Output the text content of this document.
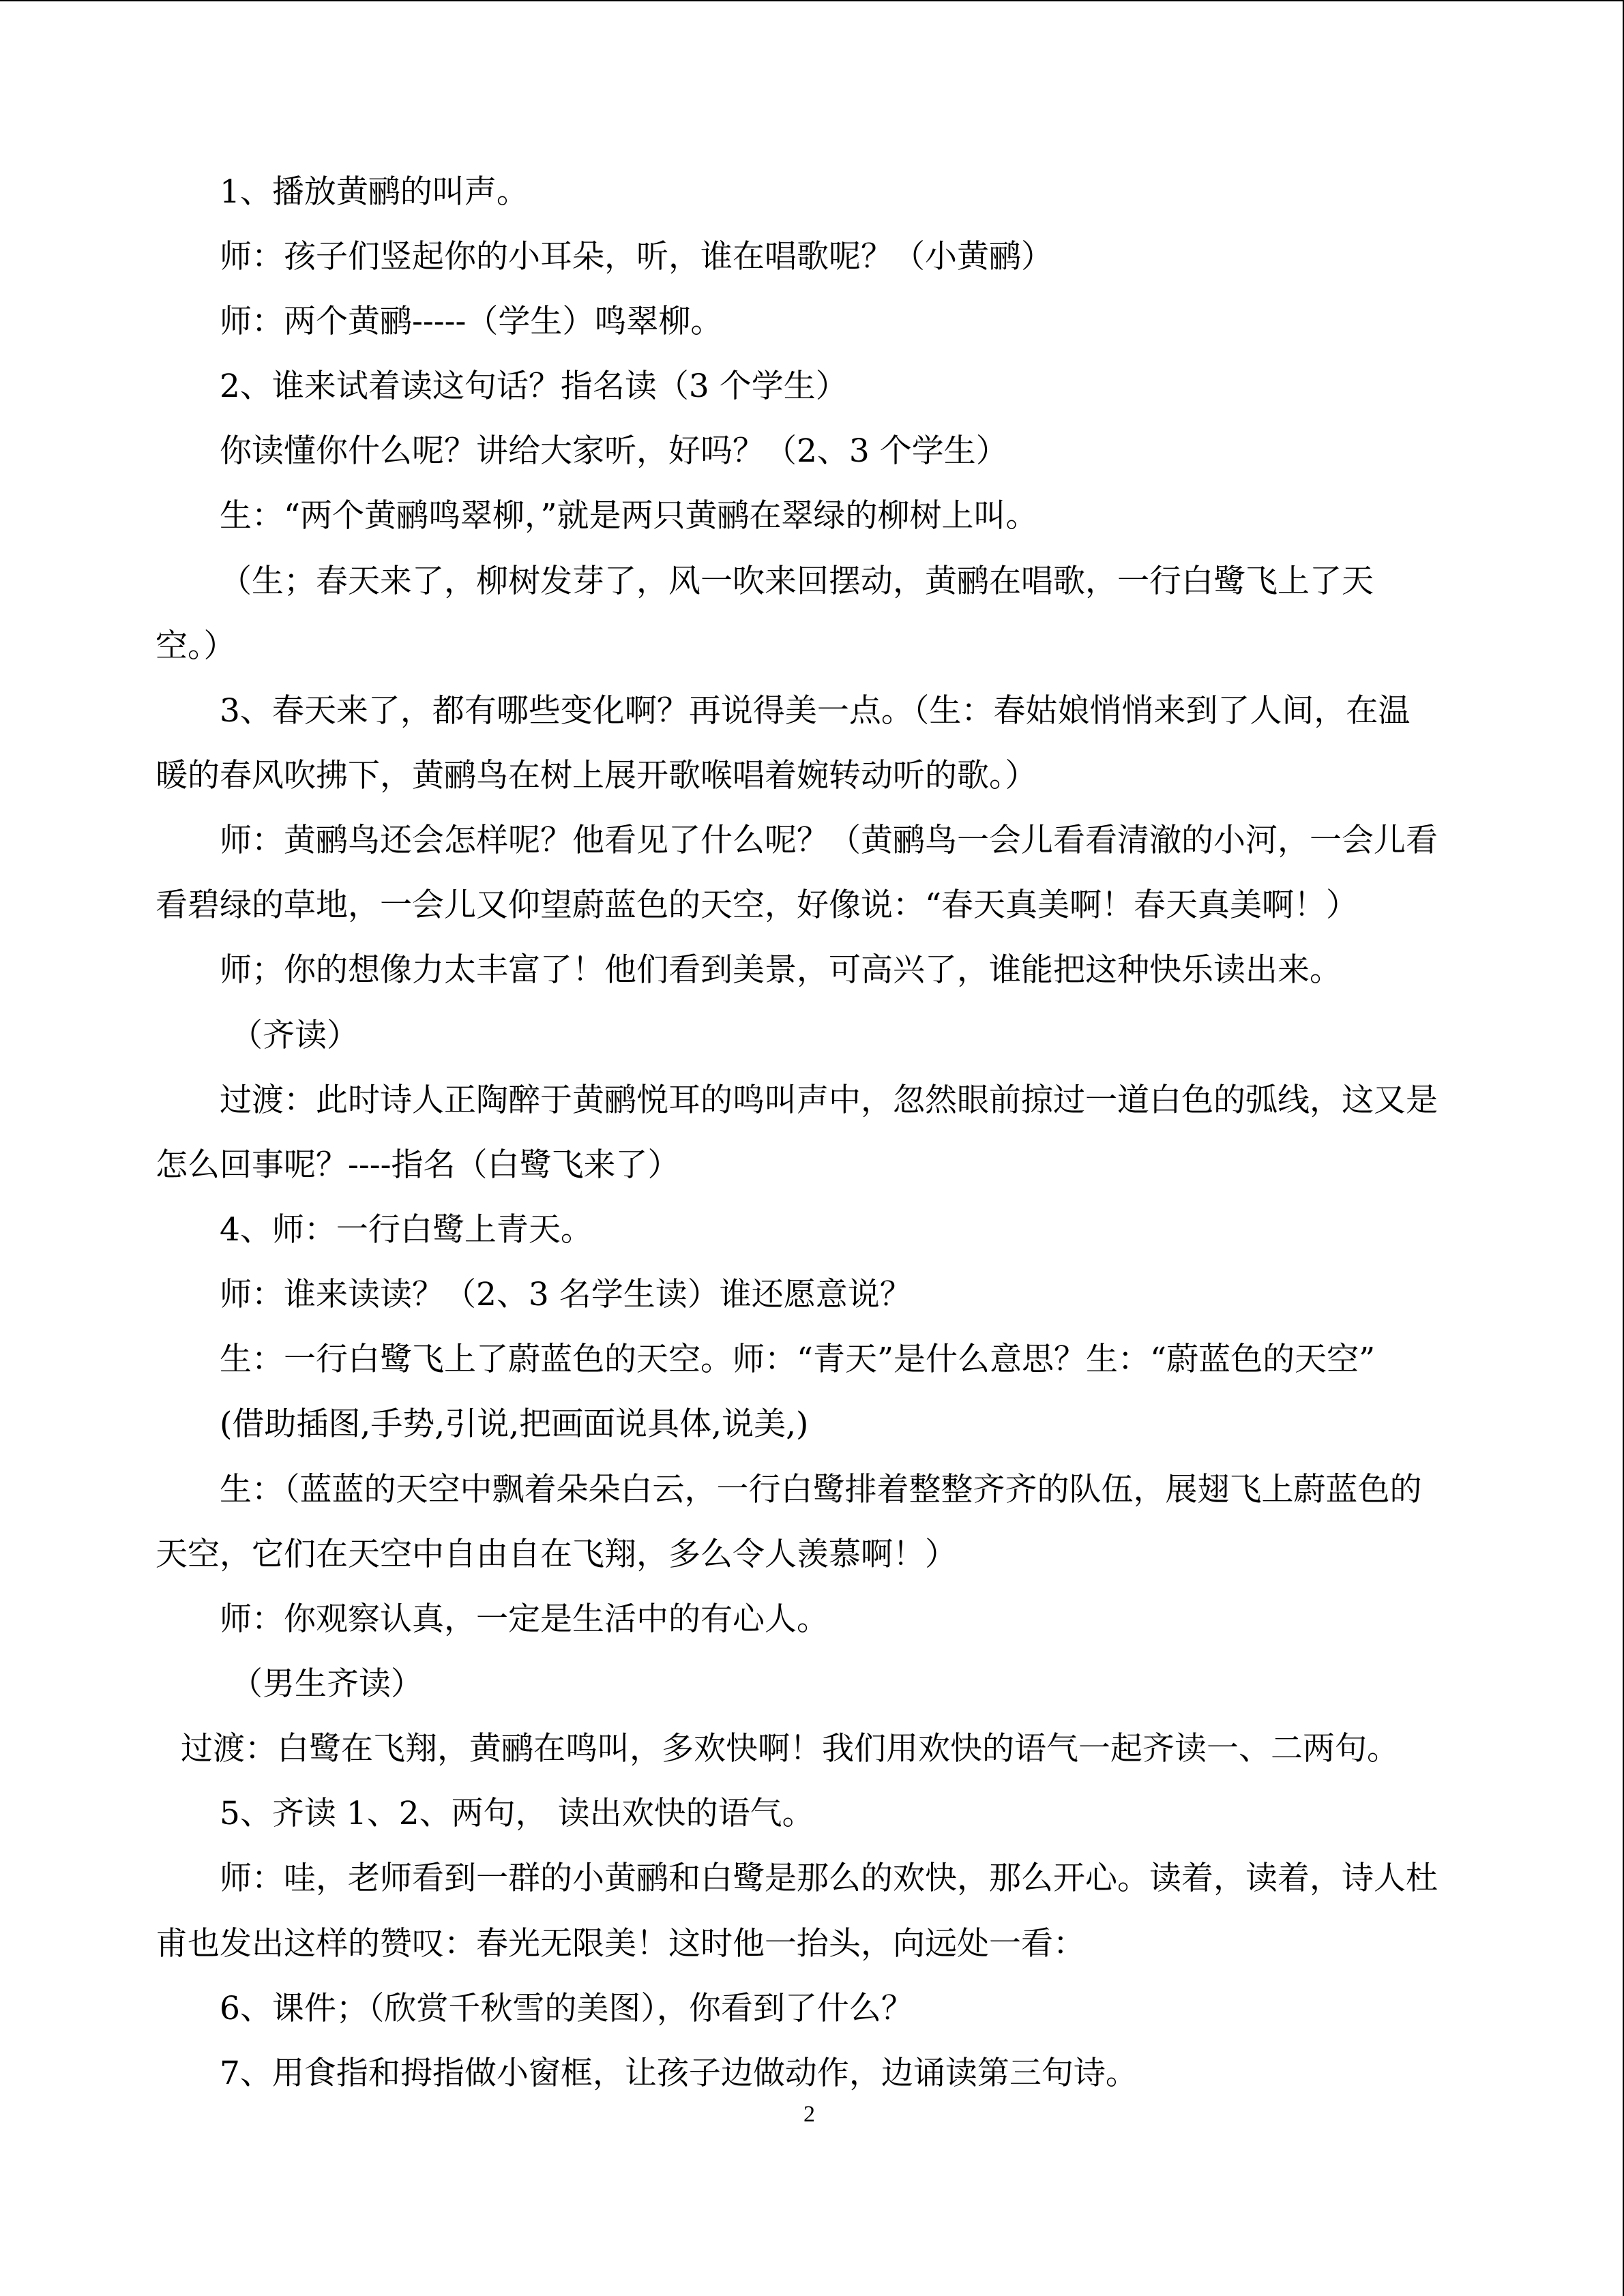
1、播放黄鹂的叫声。
师：孩子们竖起你的小耳朵，听，谁在唱歌呢？（小黄鹂）
师：两个黄鹂-----（学生）鸣翠柳。
2、谁来试着读这句话？指名读（3 个学生）
你读懂你什么呢？讲给大家听，好吗？（2、3 个学生）
生：“两个黄鹂鸣翠柳，”就是两只黄鹂在翠绿的柳树上叫。
（生；春天来了，柳树发芽了，风一吹来回摆动，黄鹂在唱歌，一行白鹭飞上了天
空。）
3、春天来了，都有哪些变化啊？再说得美一点。（生：春姑娘悄悄来到了人间，在温
暖的春风吹拂下，黄鹂鸟在树上展开歌喉唱着婉转动听的歌。）
师：黄鹂鸟还会怎样呢？他看见了什么呢？（黄鹂鸟一会儿看看清澈的小河，一会儿看
看碧绿的草地，一会儿又仰望蔚蓝色的天空，好像说：“春天真美啊！春天真美啊！）
师；你的想像力太丰富了！他们看到美景，可高兴了，谁能把这种快乐读出来。
（齐读）
过渡：此时诗人正陶醉于黄鹂悦耳的鸣叫声中，忽然眼前掠过一道白色的弧线，这又是
怎么回事呢？----指名（白鹭飞来了）
4、师：一行白鹭上青天。
师：谁来读读？（2、3 名学生读）谁还愿意说？
生：一行白鹭飞上了蔚蓝色的天空。师：“青天”是什么意思？生：“蔚蓝色的天空”
(借助插图,手势,引说,把画面说具体,说美,)
生：（蓝蓝的天空中飘着朵朵白云，一行白鹭排着整整齐齐的队伍，展翅飞上蔚蓝色的
天空，它们在天空中自由自在飞翔，多么令人羡慕啊！）
师：你观察认真，一定是生活中的有心人。
（男生齐读）
过渡：白鹭在飞翔，黄鹂在鸣叫，多欢快啊！我们用欢快的语气一起齐读一、二两句。
5、齐读 1、2、两句， 读出欢快的语气。
师：哇，老师看到一群的小黄鹂和白鹭是那么的欢快，那么开心。读着，读着，诗人杜
甫也发出这样的赞叹：春光无限美！这时他一抬头，向远处一看：
6、课件；（欣赏千秋雪的美图），你看到了什么？
7、用食指和拇指做小窗框，让孩子边做动作，边诵读第三句诗。
2
